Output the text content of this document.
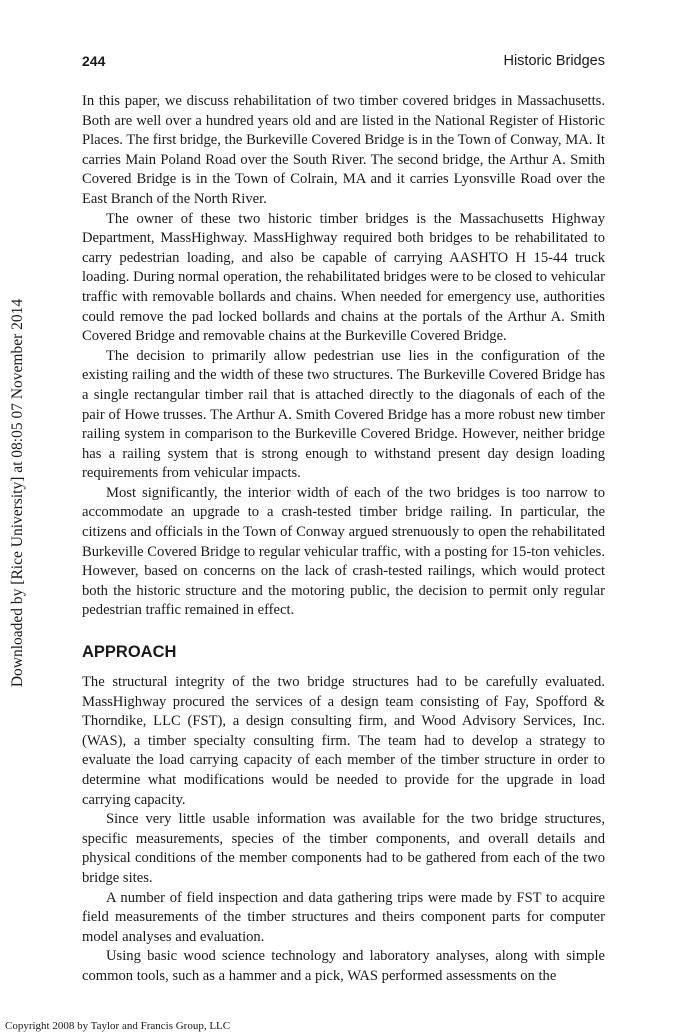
244	Historic Bridges
Downloaded by [Rice University] at 08:05 07 November 2014

In this paper, we discuss rehabilitation of two timber covered bridges in Massachusetts. Both are well over a hundred years old and are listed in the National Register of Historic Places. The first bridge, the Burkeville Covered Bridge is in the Town of Conway, MA. It carries Main Poland Road over the South River. The second bridge, the Arthur A. Smith Covered Bridge is in the Town of Colrain, MA and it carries Lyonsville Road over the East Branch of the North River.

The owner of these two historic timber bridges is the Massachusetts Highway Department, MassHighway. MassHighway required both bridges to be rehabilitated to carry pedestrian loading, and also be capable of carrying AASHTO H 15-44 truck loading. During normal operation, the rehabilitated bridges were to be closed to vehicular traffic with removable bollards and chains. When needed for emergency use, authorities could remove the pad locked bollards and chains at the portals of the Arthur A. Smith Covered Bridge and removable chains at the Burkeville Covered Bridge.

The decision to primarily allow pedestrian use lies in the configuration of the existing railing and the width of these two structures. The Burkeville Covered Bridge has a single rectangular timber rail that is attached directly to the diagonals of each of the pair of Howe trusses. The Arthur A. Smith Covered Bridge has a more robust new timber railing system in comparison to the Burkeville Covered Bridge. However, neither bridge has a railing system that is strong enough to withstand present day design loading requirements from vehicular impacts.

Most significantly, the interior width of each of the two bridges is too narrow to accommodate an upgrade to a crash-tested timber bridge railing. In particular, the citizens and officials in the Town of Conway argued strenuously to open the rehabilitated Burkeville Covered Bridge to regular vehicular traffic, with a posting for 15-ton vehicles. However, based on concerns on the lack of crash-tested railings, which would protect both the historic structure and the motoring public, the decision to permit only regular pedestrian traffic remained in effect.

APPROACH

The structural integrity of the two bridge structures had to be carefully evaluated. MassHighway procured the services of a design team consisting of Fay, Spofford & Thorndike, LLC (FST), a design consulting firm, and Wood Advisory Services, Inc. (WAS), a timber specialty consulting firm. The team had to develop a strategy to evaluate the load carrying capacity of each member of the timber structure in order to determine what modifications would be needed to provide for the upgrade in load carrying capacity.

Since very little usable information was available for the two bridge structures, specific measurements, species of the timber components, and overall details and physical conditions of the member components had to be gathered from each of the two bridge sites.

A number of field inspection and data gathering trips were made by FST to acquire field measurements of the timber structures and theirs component parts for computer model analyses and evaluation.

Using basic wood science technology and laboratory analyses, along with simple common tools, such as a hammer and a pick, WAS performed assessments on the

Copyright 2008 by Taylor and Francis Group, LLC
